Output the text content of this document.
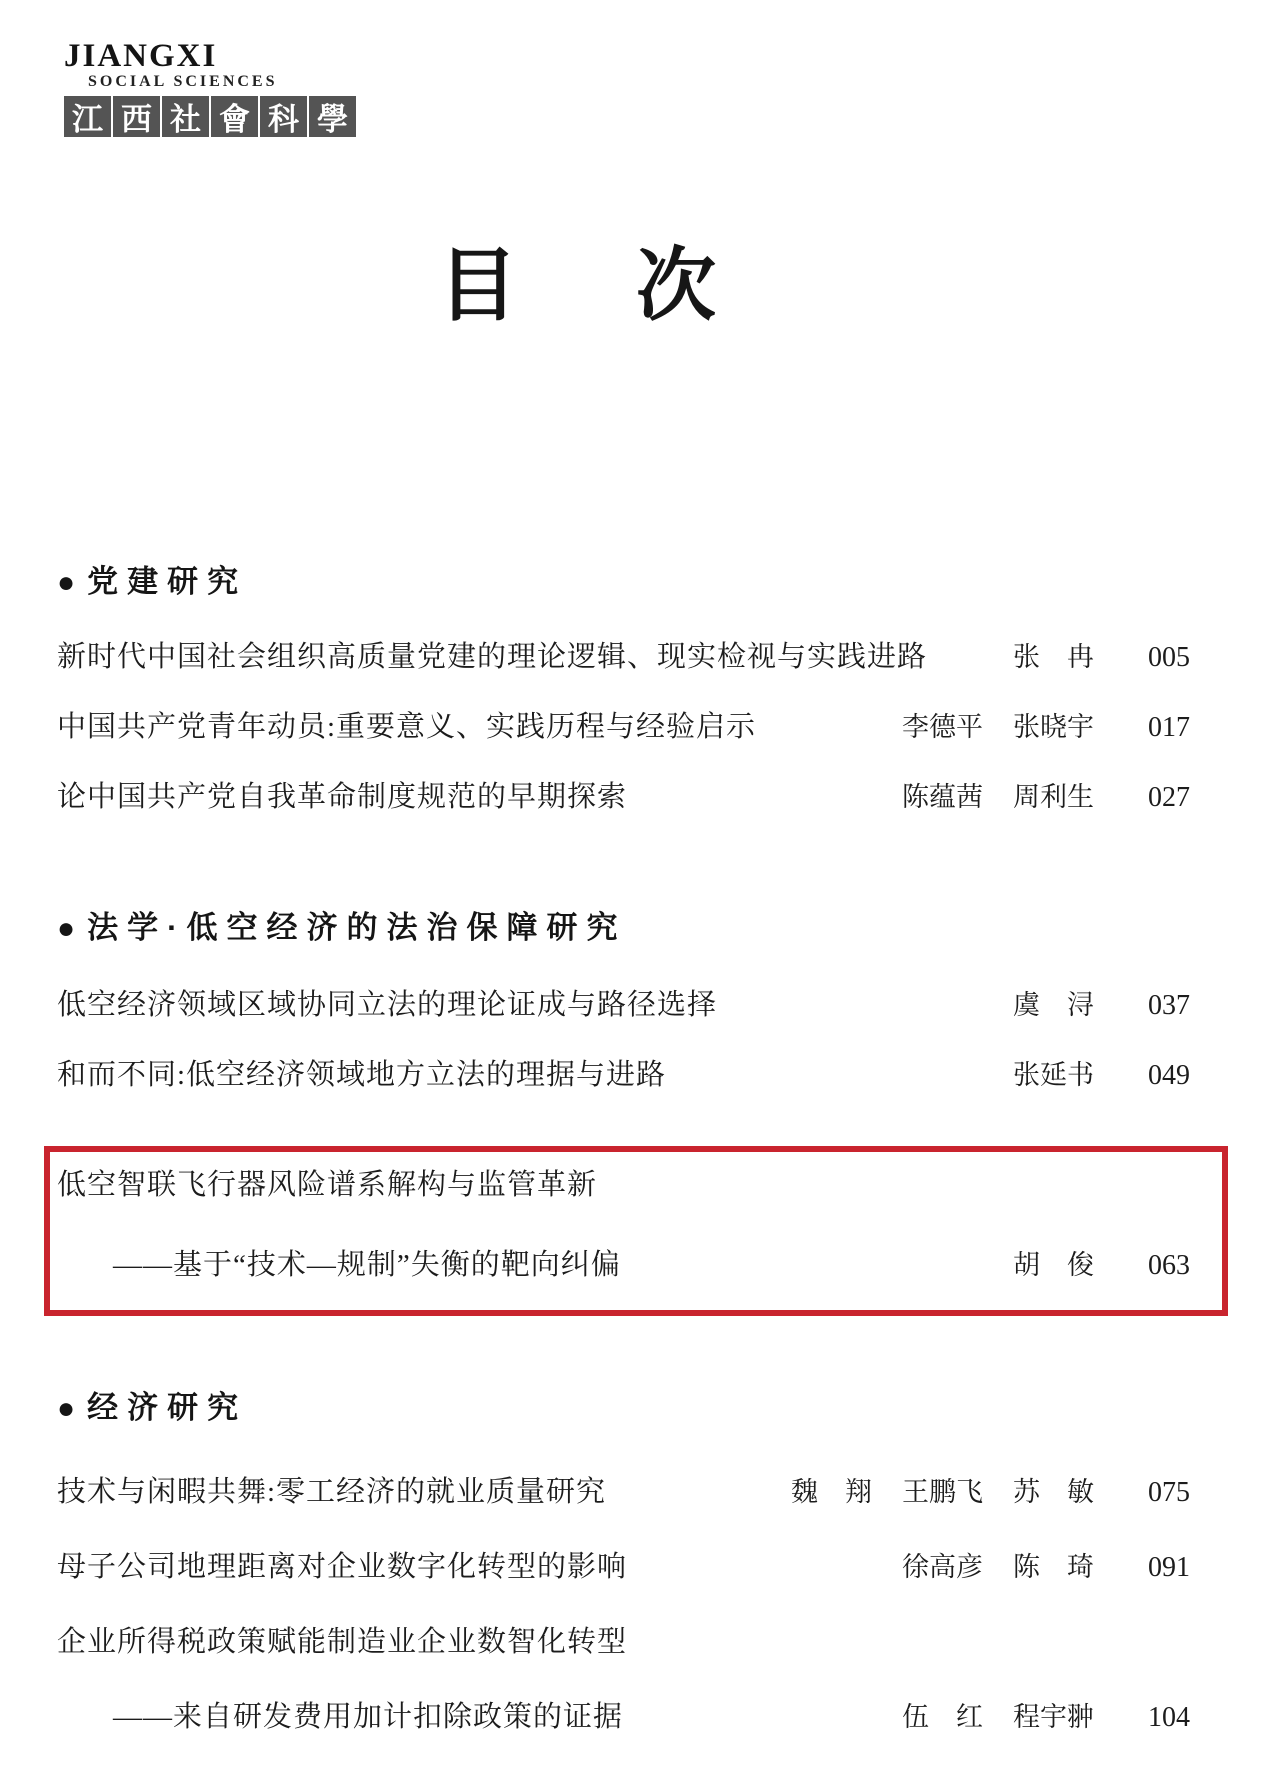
JIANGXI
SOCIAL SCIENCES
江 西 社 會 科 學
目 次
● 党建研究
新时代中国社会组织高质量党建的理论逻辑、现实检视与实践进路	张　冉	005
中国共产党青年动员:重要意义、实践历程与经验启示	李德平 张晓宇	017
论中国共产党自我革命制度规范的早期探索	陈蕴茜 周利生	027
● 法学·低空经济的法治保障研究
低空经济领域区域协同立法的理论证成与路径选择	虞　浔	037
和而不同:低空经济领域地方立法的理据与进路	张延书	049
低空智联飞行器风险谱系解构与监管革新
——基于“技术—规制”失衡的靶向纠偏	胡　俊	063
● 经济研究
技术与闲暇共舞:零工经济的就业质量研究	魏　翔 王鹏飞 苏　敏	075
母子公司地理距离对企业数字化转型的影响	徐高彦 陈　琦	091
企业所得税政策赋能制造业企业数智化转型
——来自研发费用加计扣除政策的证据	伍　红 程宇翀	104
